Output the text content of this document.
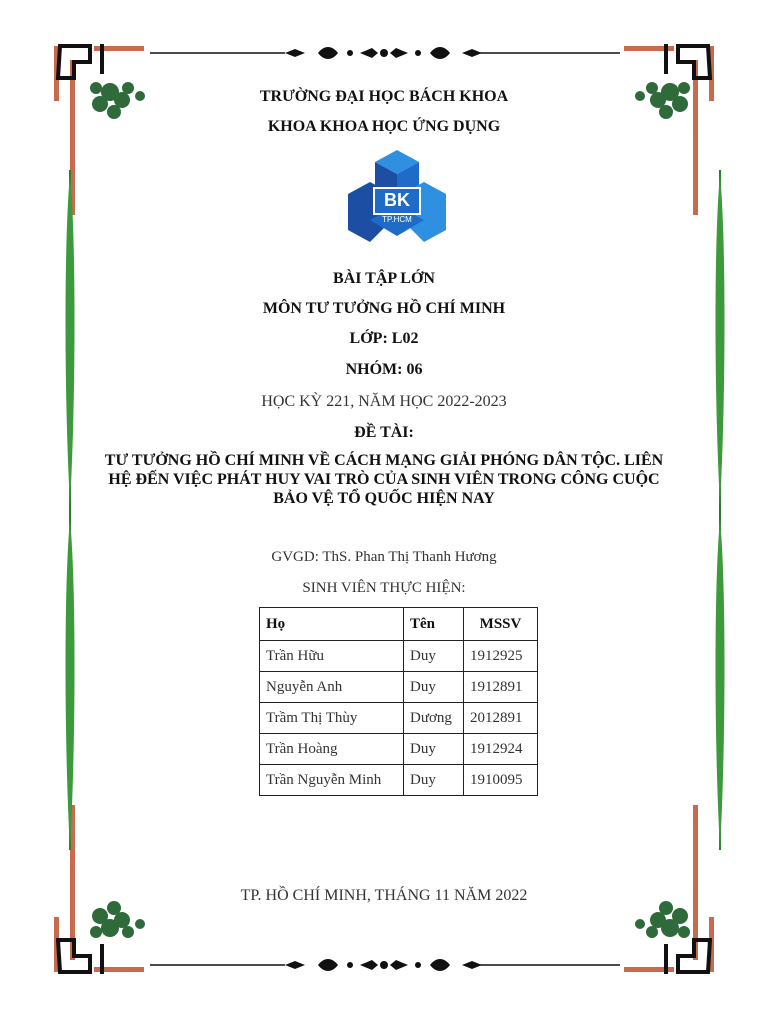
TRƯỜNG ĐẠI HỌC BÁCH KHOA
KHOA KHOA HỌC ỨNG DỤNG
BK
TP.HCM
BÀI TẬP LỚN
MÔN TƯ TƯỞNG HỒ CHÍ MINH
LỚP: L02
NHÓM: 06
HỌC KỲ 221, NĂM HỌC 2022-2023
ĐỀ TÀI:
TƯ TƯỞNG HỒ CHÍ MINH VỀ CÁCH MẠNG GIẢI PHÓNG DÂN TỘC. LIÊN
HỆ ĐẾN VIỆC PHÁT HUY VAI TRÒ CỦA SINH VIÊN TRONG CÔNG CUỘC
BẢO VỆ TỔ QUỐC HIỆN NAY
GVGD: ThS. Phan Thị Thanh Hương
SINH VIÊN THỰC HIỆN:
Họ	Tên	MSSV
Trần Hữu	Duy	1912925
Nguyễn Anh	Duy	1912891
Trầm Thị Thùy	Dương	2012891
Trần Hoàng	Duy	1912924
Trần Nguyễn Minh	Duy	1910095
TP. HỒ CHÍ MINH, THÁNG 11 NĂM 2022
